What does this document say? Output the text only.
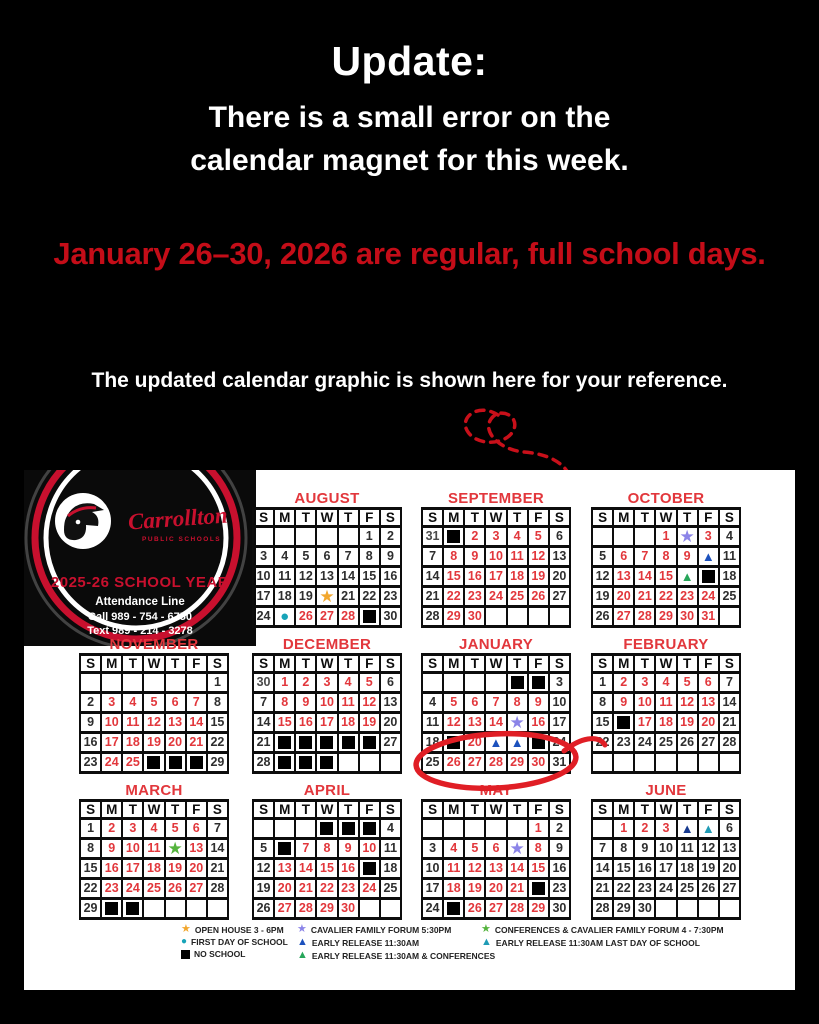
Update:
There is a small error on the
calendar magnet for this week.
January 26–30, 2026 are regular, full school days.
The updated calendar graphic is shown here for your reference.
Carrollton
PUBLIC SCHOOLS
2025-26 SCHOOL YEAR
Attendance Line
Call 989 - 754 - 6750
Text 989 - 214 - 3278
AUGUST
S	M	T	W	T	F	S
					1	2
3	4	5	6	7	8	9
10	11	12	13	14	15	16
17	18	19	★	21	22	23
24	●	26	27	28		30
SEPTEMBER
S	M	T	W	T	F	S
31		2	3	4	5	6
7	8	9	10	11	12	13
14	15	16	17	18	19	20
21	22	23	24	25	26	27
28	29	30				
OCTOBER
S	M	T	W	T	F	S
			1	★	3	4
5	6	7	8	9	▲	11
12	13	14	15	▲		18
19	20	21	22	23	24	25
26	27	28	29	30	31	
NOVEMBER
S	M	T	W	T	F	S
						1
2	3	4	5	6	7	8
9	10	11	12	13	14	15
16	17	18	19	20	21	22
23	24	25				29
DECEMBER
S	M	T	W	T	F	S
30	1	2	3	4	5	6
7	8	9	10	11	12	13
14	15	16	17	18	19	20
21						27
28						
JANUARY
S	M	T	W	T	F	S
						3
4	5	6	7	8	9	10
11	12	13	14	★	16	17
18		20	▲	▲		24
25	26	27	28	29	30	31
FEBRUARY
S	M	T	W	T	F	S
1	2	3	4	5	6	7
8	9	10	11	12	13	14
15		17	18	19	20	21
22	23	24	25	26	27	28

MARCH
S	M	T	W	T	F	S
1	2	3	4	5	6	7
8	9	10	11	★	13	14
15	16	17	18	19	20	21
22	23	24	25	26	27	28
29						
APRIL
S	M	T	W	T	F	S
						4
5		7	8	9	10	11
12	13	14	15	16		18
19	20	21	22	23	24	25
26	27	28	29	30		
MAY
S	M	T	W	T	F	S
					1	2
3	4	5	6	★	8	9
10	11	12	13	14	15	16
17	18	19	20	21		23
24		26	27	28	29	30
JUNE
S	M	T	W	T	F	S
	1	2	3	▲	▲	6
7	8	9	10	11	12	13
14	15	16	17	18	19	20
21	22	23	24	25	26	27
28	29	30				
★ OPEN HOUSE 3 - 6PM
● FIRST DAY OF SCHOOL
NO SCHOOL
★ CAVALIER FAMILY FORUM 5:30PM
▲ EARLY RELEASE 11:30AM
▲ EARLY RELEASE 11:30AM & CONFERENCES
★ CONFERENCES & CAVALIER FAMILY FORUM 4 - 7:30PM
▲ EARLY RELEASE 11:30AM LAST DAY OF SCHOOL
